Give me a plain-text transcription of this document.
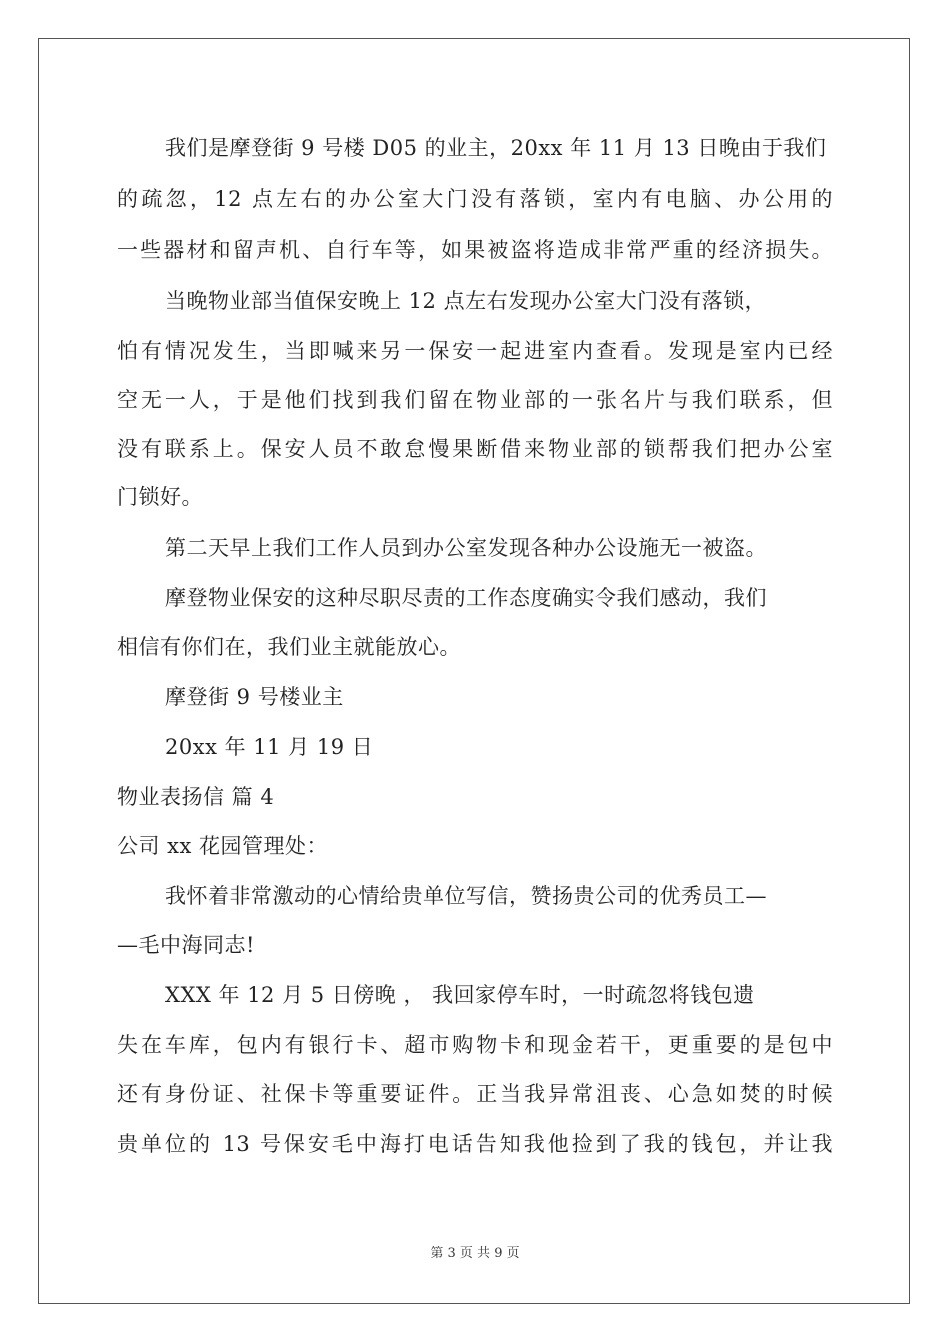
我们是摩登街 9 号楼 D05 的业主，20xx 年 11 月 13 日晚由于我们
的疏忽，12 点左右的办公室大门没有落锁，室内有电脑、办公用的
一些器材和留声机、自行车等，如果被盗将造成非常严重的经济损失。
当晚物业部当值保安晚上 12 点左右发现办公室大门没有落锁，
怕有情况发生，当即喊来另一保安一起进室内查看。发现是室内已经
空无一人，于是他们找到我们留在物业部的一张名片与我们联系，但
没有联系上。保安人员不敢怠慢果断借来物业部的锁帮我们把办公室
门锁好。
第二天早上我们工作人员到办公室发现各种办公设施无一被盗。
摩登物业保安的这种尽职尽责的工作态度确实令我们感动，我们
相信有你们在，我们业主就能放心。
摩登街 9 号楼业主
20xx 年 11 月 19 日
物业表扬信 篇 4
公司 xx 花园管理处：
我怀着非常激动的心情给贵单位写信，赞扬贵公司的优秀员工—
—毛中海同志!
XXX 年 12 月 5 日傍晚 ， 我回家停车时，一时疏忽将钱包遗
失在车库，包内有银行卡、超市购物卡和现金若干，更重要的是包中
还有身份证、社保卡等重要证件。正当我异常沮丧、心急如焚的时候
贵单位的 13 号保安毛中海打电话告知我他捡到了我的钱包，并让我
第 3 页 共 9 页
